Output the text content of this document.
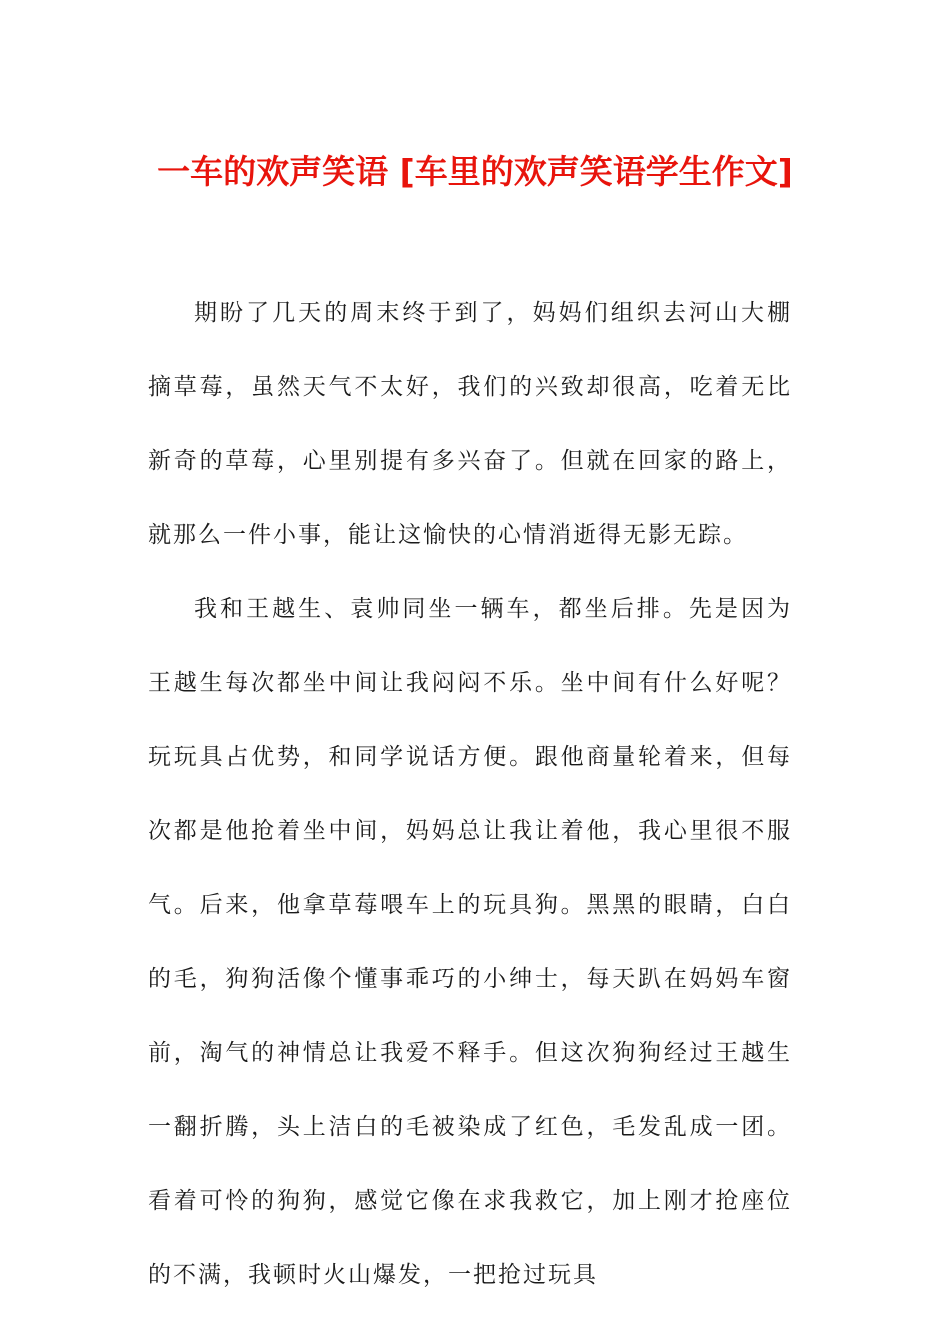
一车的欢声笑语 [车里的欢声笑语学生作文]

期盼了几天的周末终于到了，妈妈们组织去河山大棚摘草莓，虽然天气不太好，我们的兴致却很高，吃着无比新奇的草莓，心里别提有多兴奋了。但就在回家的路上，就那么一件小事，能让这愉快的心情消逝得无影无踪。

我和王越生、袁帅同坐一辆车，都坐后排。先是因为王越生每次都坐中间让我闷闷不乐。坐中间有什么好呢？玩玩具占优势，和同学说话方便。跟他商量轮着来，但每次都是他抢着坐中间，妈妈总让我让着他，我心里很不服气。后来，他拿草莓喂车上的玩具狗。黑黑的眼睛，白白的毛，狗狗活像个懂事乖巧的小绅士，每天趴在妈妈车窗前，淘气的神情总让我爱不释手。但这次狗狗经过王越生一翻折腾，头上洁白的毛被染成了红色，毛发乱成一团。看着可怜的狗狗，感觉它像在求我救它，加上刚才抢座位的不满，我顿时火山爆发，一把抢过玩具
